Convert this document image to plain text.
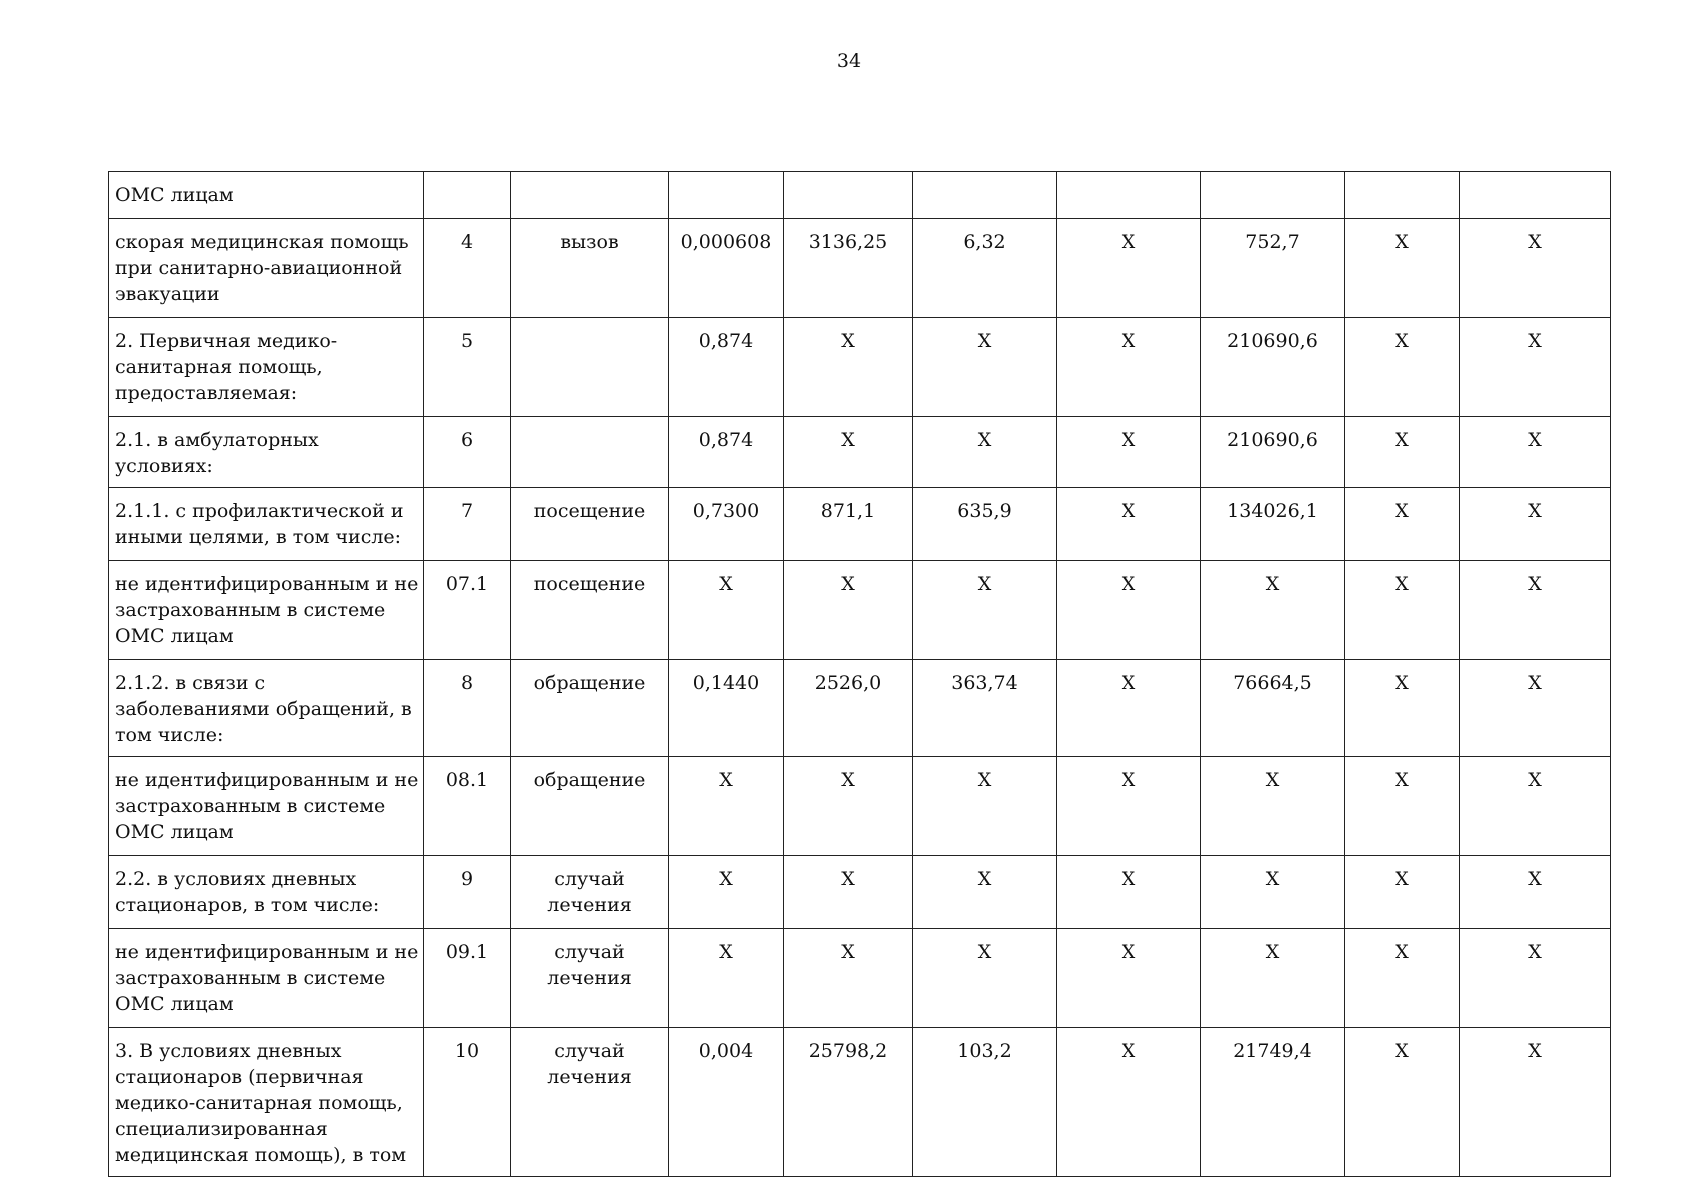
34
ОМС лицам									
скорая медицинская помощь при санитарно-авиационной эвакуации	4	вызов	0,000608	3136,25	6,32	Х	752,7	Х	Х
2. Первичная медико-санитарная помощь, предоставляемая:	5		0,874	Х	Х	Х	210690,6	Х	Х
2.1. в амбулаторных условиях:	6		0,874	Х	Х	Х	210690,6	Х	Х
2.1.1. с профилактической и иными целями, в том числе:	7	посещение	0,7300	871,1	635,9	Х	134026,1	Х	Х
не идентифицированным и не застрахованным в системе ОМС лицам	07.1	посещение	Х	Х	Х	Х	Х	Х	Х
2.1.2. в связи с заболеваниями обращений, в том числе:	8	обращение	0,1440	2526,0	363,74	Х	76664,5	Х	Х
не идентифицированным и не застрахованным в системе ОМС лицам	08.1	обращение	Х	Х	Х	Х	Х	Х	Х
2.2. в условиях дневных стационаров, в том числе:	9	случай лечения	Х	Х	Х	Х	Х	Х	Х
не идентифицированным и не застрахованным в системе ОМС лицам	09.1	случай лечения	Х	Х	Х	Х	Х	Х	Х
3. В условиях дневных стационаров (первичная медико-санитарная помощь, специализированная медицинская помощь), в том	10	случай лечения	0,004	25798,2	103,2	Х	21749,4	Х	Х
